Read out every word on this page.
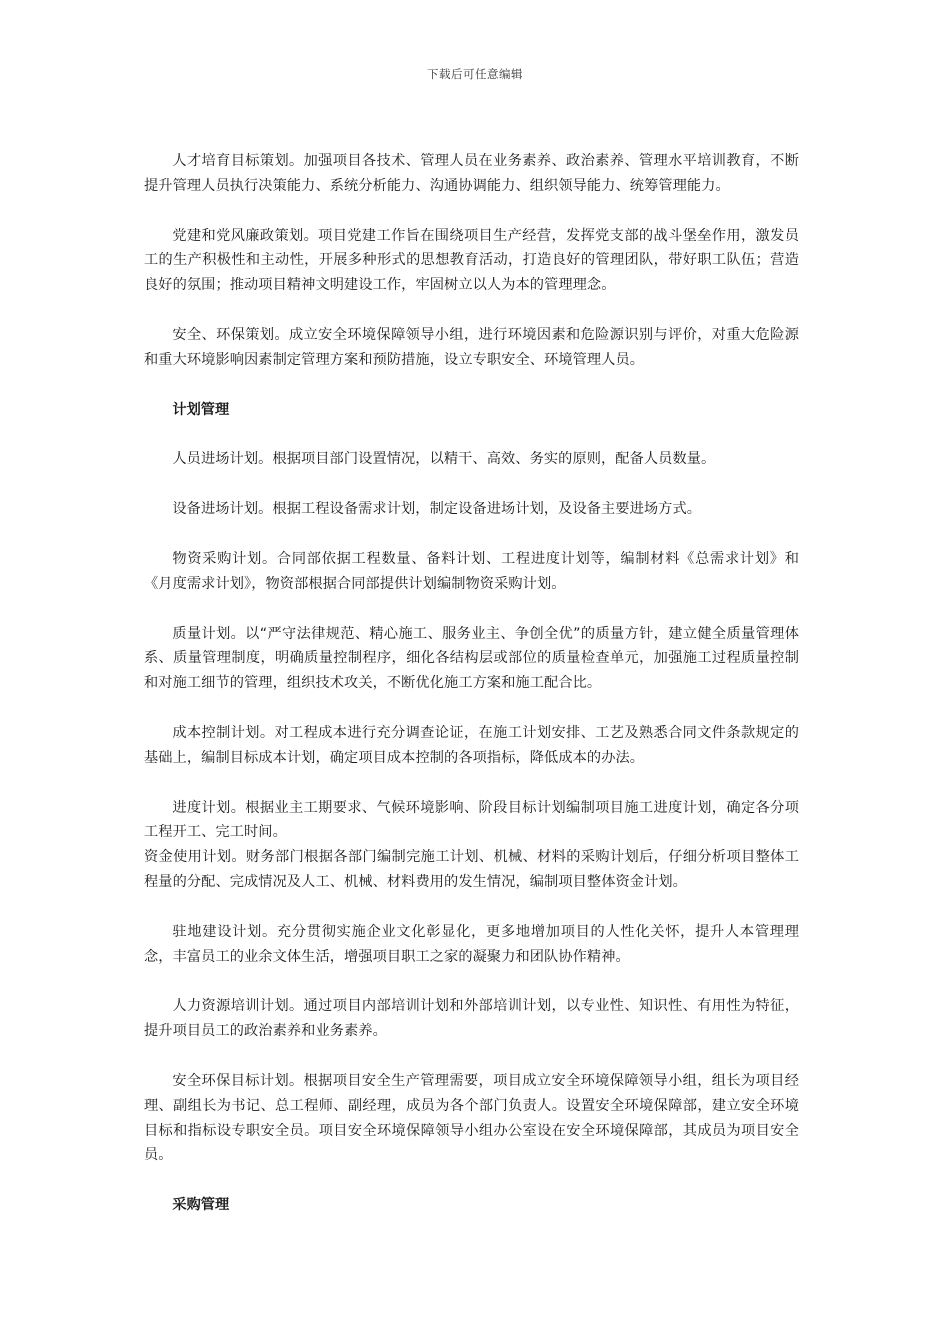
下载后可任意编辑

人才培育目标策划。加强项目各技术、管理人员在业务素养、政治素养、管理水平培训教育，不断提升管理人员执行决策能力、系统分析能力、沟通协调能力、组织领导能力、统筹管理能力。

党建和党风廉政策划。项目党建工作旨在围绕项目生产经营，发挥党支部的战斗堡垒作用，激发员工的生产积极性和主动性，开展多种形式的思想教育活动，打造良好的管理团队，带好职工队伍；营造良好的氛围；推动项目精神文明建设工作，牢固树立以人为本的管理理念。

安全、环保策划。成立安全环境保障领导小组，进行环境因素和危险源识别与评价，对重大危险源和重大环境影响因素制定管理方案和预防措施，设立专职安全、环境管理人员。

计划管理

人员进场计划。根据项目部门设置情况，以精干、高效、务实的原则，配备人员数量。

设备进场计划。根据工程设备需求计划，制定设备进场计划，及设备主要进场方式。

物资采购计划。合同部依据工程数量、备料计划、工程进度计划等，编制材料《总需求计划》和《月度需求计划》，物资部根据合同部提供计划编制物资采购计划。

质量计划。以“严守法律规范、精心施工、服务业主、争创全优”的质量方针，建立健全质量管理体系、质量管理制度，明确质量控制程序，细化各结构层或部位的质量检查单元，加强施工过程质量控制和对施工细节的管理，组织技术攻关，不断优化施工方案和施工配合比。

成本控制计划。对工程成本进行充分调查论证，在施工计划安排、工艺及熟悉合同文件条款规定的基础上，编制目标成本计划，确定项目成本控制的各项指标，降低成本的办法。

进度计划。根据业主工期要求、气候环境影响、阶段目标计划编制项目施工进度计划，确定各分项工程开工、完工时间。

资金使用计划。财务部门根据各部门编制完施工计划、机械、材料的采购计划后，仔细分析项目整体工程量的分配、完成情况及人工、机械、材料费用的发生情况，编制项目整体资金计划。

驻地建设计划。充分贯彻实施企业文化彰显化，更多地增加项目的人性化关怀，提升人本管理理念，丰富员工的业余文体生活，增强项目职工之家的凝聚力和团队协作精神。

人力资源培训计划。通过项目内部培训计划和外部培训计划，以专业性、知识性、有用性为特征，提升项目员工的政治素养和业务素养。

安全环保目标计划。根据项目安全生产管理需要，项目成立安全环境保障领导小组，组长为项目经理、副组长为书记、总工程师、副经理，成员为各个部门负责人。设置安全环境保障部，建立安全环境目标和指标设专职安全员。项目安全环境保障领导小组办公室设在安全环境保障部，其成员为项目安全员。

采购管理
